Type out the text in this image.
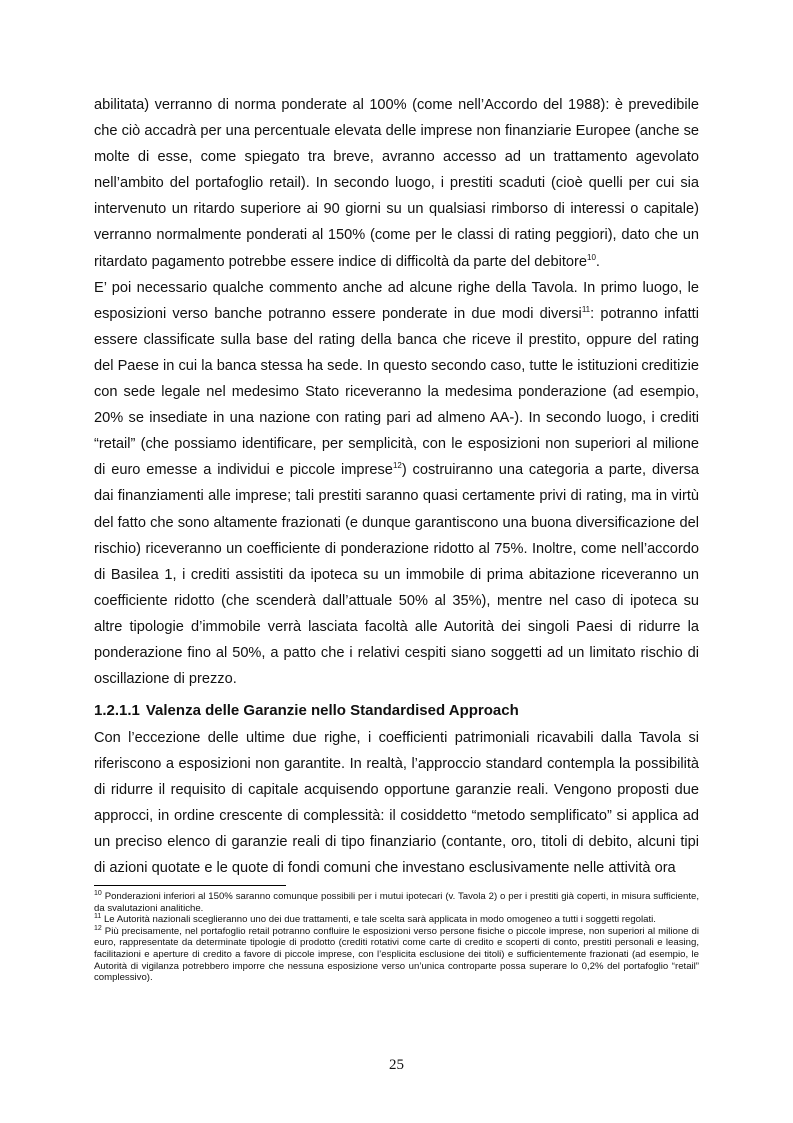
abilitata) verranno di norma ponderate al 100% (come nell’Accordo del 1988): è prevedibile che ciò accadrà per una percentuale elevata delle imprese non finanziarie Europee (anche se molte di esse, come spiegato tra breve, avranno accesso ad un trattamento agevolato nell’ambito del portafoglio retail). In secondo luogo, i prestiti scaduti (cioè quelli per cui sia intervenuto un ritardo superiore ai 90 giorni su un qualsiasi rimborso di interessi o capitale) verranno normalmente ponderati al 150% (come per le classi di rating peggiori), dato che un ritardato pagamento potrebbe essere indice di difficoltà da parte del debitore$^{10}$.

E’ poi necessario qualche commento anche ad alcune righe della Tavola. In primo luogo, le esposizioni verso banche potranno essere ponderate in due modi diversi$^{11}$: potranno infatti essere classificate sulla base del rating della banca che riceve il prestito, oppure del rating del Paese in cui la banca stessa ha sede. In questo secondo caso, tutte le istituzioni creditizie con sede legale nel medesimo Stato riceveranno la medesima ponderazione (ad esempio, 20% se insediate in una nazione con rating pari ad almeno AA-). In secondo luogo, i crediti “retail” (che possiamo identificare, per semplicità, con le esposizioni non superiori al milione di euro emesse a individui e piccole imprese$^{12}$) costruiranno una categoria a parte, diversa dai finanziamenti alle imprese; tali prestiti saranno quasi certamente privi di rating, ma in virtù del fatto che sono altamente frazionati (e dunque garantiscono una buona diversificazione del rischio) riceveranno un coefficiente di ponderazione ridotto al 75%. Inoltre, come nell’accordo di Basilea 1, i crediti assistiti da ipoteca su un immobile di prima abitazione riceveranno un coefficiente ridotto (che scenderà dall’attuale 50% al 35%), mentre nel caso di ipoteca su altre tipologie d’immobile verrà lasciata facoltà alle Autorità dei singoli Paesi di ridurre la ponderazione fino al 50%, a patto che i relativi cespiti siano soggetti ad un limitato rischio di oscillazione di prezzo.

1.2.1.1 Valenza delle Garanzie nello Standardised Approach

Con l’eccezione delle ultime due righe, i coefficienti patrimoniali ricavabili dalla Tavola si riferiscono a esposizioni non garantite. In realtà, l’approccio standard contempla la possibilità di ridurre il requisito di capitale acquisendo opportune garanzie reali. Vengono proposti due approcci, in ordine crescente di complessità: il cosiddetto “metodo semplificato” si applica ad un preciso elenco di garanzie reali di tipo finanziario (contante, oro, titoli di debito, alcuni tipi di azioni quotate e le quote di fondi comuni che investano esclusivamente nelle attività ora

$^{10}$ Ponderazioni inferiori al 150% saranno comunque possibili per i mutui ipotecari (v. Tavola 2) o per i prestiti già coperti, in misura sufficiente, da svalutazioni analitiche.

$^{11}$ Le Autorità nazionali sceglieranno uno dei due trattamenti, e tale scelta sarà applicata in modo omogeneo a tutti i soggetti regolati.

$^{12}$ Più precisamente, nel portafoglio retail potranno confluire le esposizioni verso persone fisiche o piccole imprese, non superiori al milione di euro, rappresentate da determinate tipologie di prodotto (crediti rotativi come carte di credito e scoperti di conto, prestiti personali e leasing, facilitazioni e aperture di credito a favore di piccole imprese, con l’esplicita esclusione dei titoli) e sufficientemente frazionati (ad esempio, le Autorità di vigilanza potrebbero imporre che nessuna esposizione verso un’unica controparte possa superare lo 0,2% del portafoglio “retail” complessivo).

25
